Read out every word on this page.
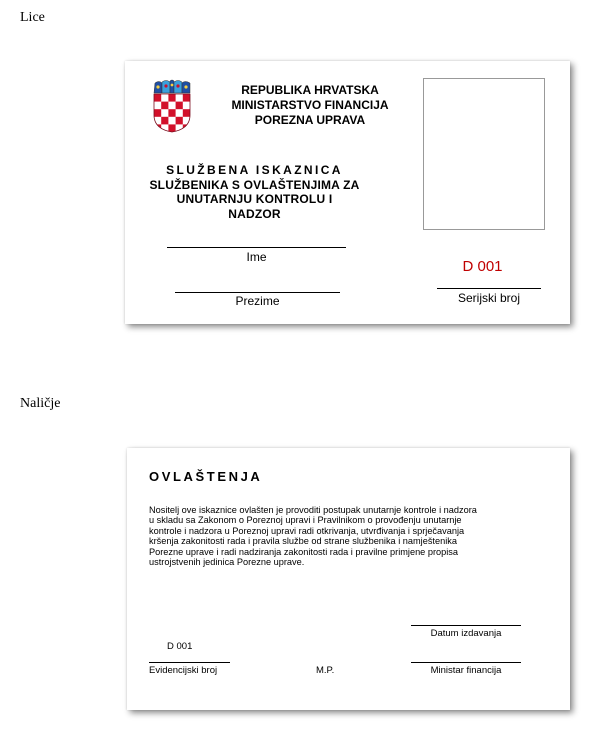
Lice
REPUBLIKA HRVATSKA
MINISTARSTVO FINANCIJA
POREZNA UPRAVA
SLUŽBENA ISKAZNICA
SLUŽBENIKA S OVLAŠTENJIMA ZA
UNUTARNJU KONTROLU I
NADZOR
Ime
D 001
Serijski broj
Prezime
Naličje
OVLAŠTENJA
Nositelj ove iskaznice ovlašten je provoditi postupak unutarnje kontrole i nadzora
u skladu sa Zakonom o Poreznoj upravi i Pravilnikom o provođenju unutarnje
kontrole i nadzora u Poreznoj upravi radi otkrivanja, utvrđivanja i sprječavanja
kršenja zakonitosti rada i pravila službe od strane službenika i namještenika
Porezne uprave i radi nadziranja zakonitosti rada i pravilne primjene propisa
ustrojstvenih jedinica Porezne uprave.
Datum izdavanja
D 001
Evidencijski broj	M.P.	Ministar financija
